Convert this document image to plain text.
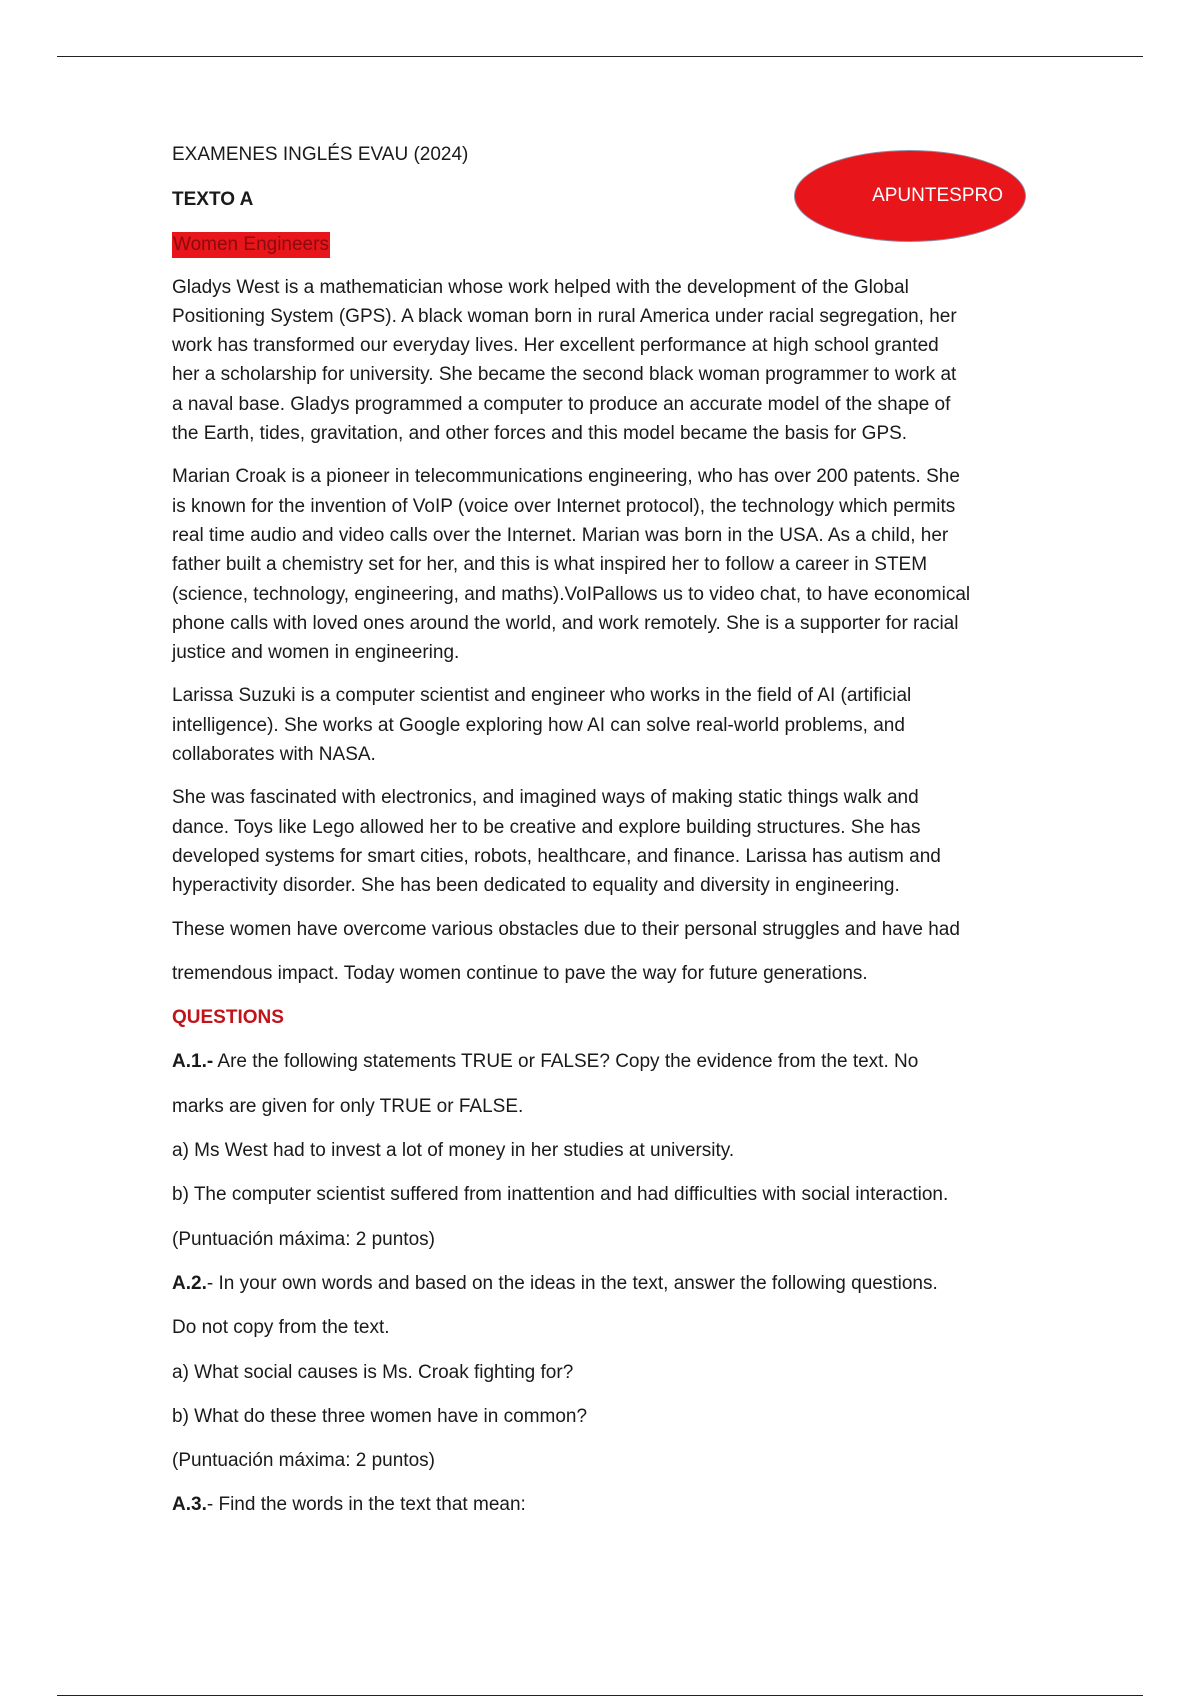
APUNTESPRO

EXAMENES INGLÉS EVAU (2024)

TEXTO A

Women Engineers
Gladys West is a mathematician whose work helped with the development of the Global
Positioning System (GPS). A black woman born in rural America under racial segregation, her
work has transformed our everyday lives. Her excellent performance at high school granted
her a scholarship for university. She became the second black woman programmer to work at
a naval base. Gladys programmed a computer to produce an accurate model of the shape of
the Earth, tides, gravitation, and other forces and this model became the basis for GPS.
Marian Croak is a pioneer in telecommunications engineering, who has over 200 patents. She
is known for the invention of VoIP (voice over Internet protocol), the technology which permits
real time audio and video calls over the Internet. Marian was born in the USA. As a child, her
father built a chemistry set for her, and this is what inspired her to follow a career in STEM
(science, technology, engineering, and maths).VoIPallows us to video chat, to have economical
phone calls with loved ones around the world, and work remotely. She is a supporter for racial
justice and women in engineering.
Larissa Suzuki is a computer scientist and engineer who works in the field of AI (artificial
intelligence). She works at Google exploring how AI can solve real-world problems, and
collaborates with NASA.
She was fascinated with electronics, and imagined ways of making static things walk and
dance. Toys like Lego allowed her to be creative and explore building structures. She has
developed systems for smart cities, robots, healthcare, and finance. Larissa has autism and
hyperactivity disorder. She has been dedicated to equality and diversity in engineering.

These women have overcome various obstacles due to their personal struggles and have had

tremendous impact. Today women continue to pave the way for future generations.

QUESTIONS

A.1.- Are the following statements TRUE or FALSE? Copy the evidence from the text. No

marks are given for only TRUE or FALSE.

a) Ms West had to invest a lot of money in her studies at university.

b) The computer scientist suffered from inattention and had difficulties with social interaction.

(Puntuación máxima: 2 puntos)

A.2.- In your own words and based on the ideas in the text, answer the following questions.

Do not copy from the text.

a) What social causes is Ms. Croak fighting for?

b) What do these three women have in common?

(Puntuación máxima: 2 puntos)

A.3.- Find the words in the text that mean:
